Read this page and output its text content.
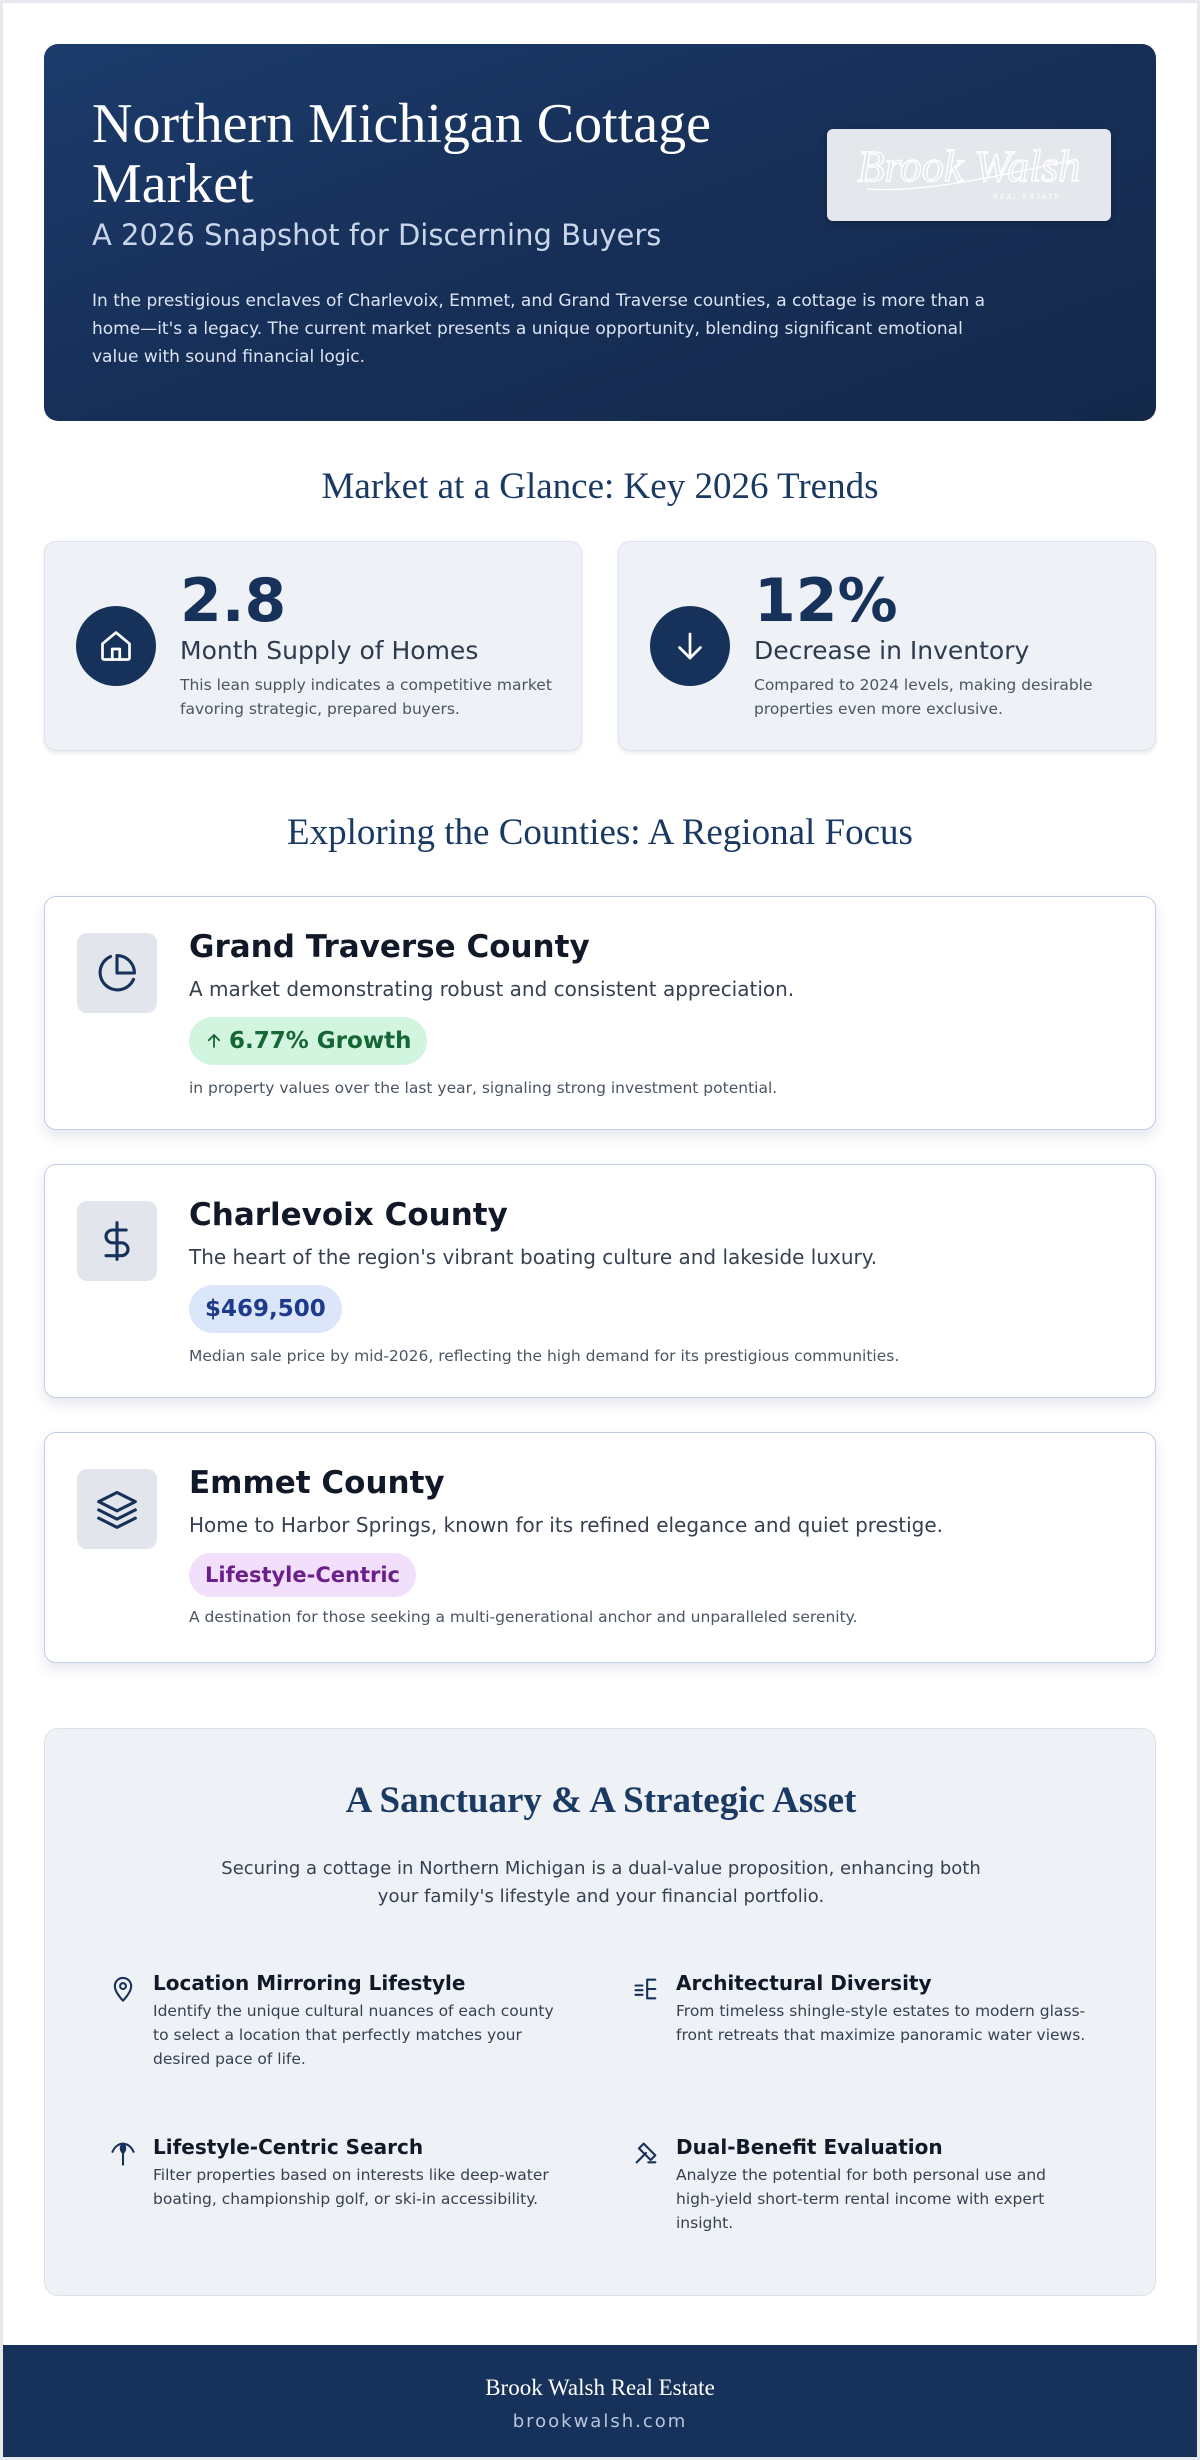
Northern Michigan Cottage Market
A 2026 Snapshot for Discerning Buyers

In the prestigious enclaves of Charlevoix, Emmet, and Grand Traverse counties, a cottage is more than a home—it's a legacy. The current market presents a unique opportunity, blending significant emotional value with sound financial logic.

Brook Walsh
REAL ESTATE
Market at a Glance: Key 2026 Trends
2.8
Month Supply of Homes
This lean supply indicates a competitive market favoring strategic, prepared buyers.
12%
Decrease in Inventory
Compared to 2024 levels, making desirable properties even more exclusive.
Exploring the Counties: A Regional Focus
Grand Traverse County
A market demonstrating robust and consistent appreciation.
6.77% Growth
in property values over the last year, signaling strong investment potential.
Charlevoix County
The heart of the region's vibrant boating culture and lakeside luxury.
$469,500
Median sale price by mid-2026, reflecting the high demand for its prestigious communities.
Emmet County
Home to Harbor Springs, known for its refined elegance and quiet prestige.
Lifestyle-Centric
A destination for those seeking a multi-generational anchor and unparalleled serenity.
A Sanctuary & A Strategic Asset

Securing a cottage in Northern Michigan is a dual-value proposition, enhancing both your family's lifestyle and your financial portfolio.

Location Mirroring Lifestyle
Identify the unique cultural nuances of each county to select a location that perfectly matches your desired pace of life.
Architectural Diversity
From timeless shingle-style estates to modern glass-front retreats that maximize panoramic water views.
Lifestyle-Centric Search
Filter properties based on interests like deep-water boating, championship golf, or ski-in accessibility.
Dual-Benefit Evaluation
Analyze the potential for both personal use and high-yield short-term rental income with expert insight.
Brook Walsh Real Estate
brookwalsh.com
